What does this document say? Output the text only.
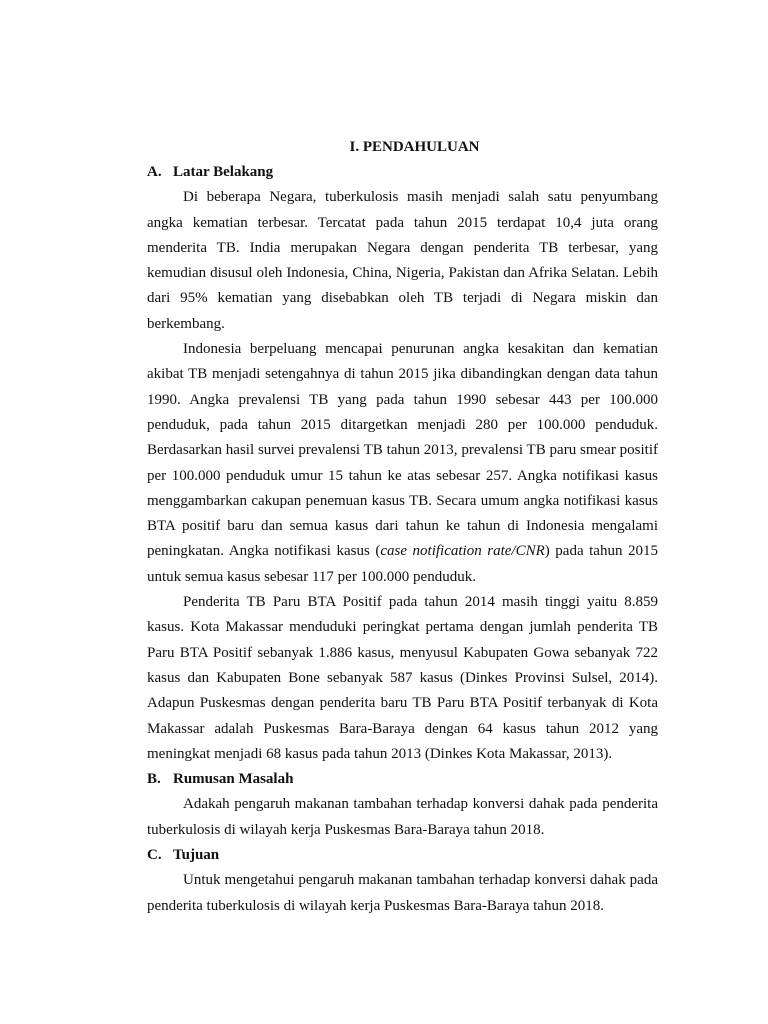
I. PENDAHULUAN
A. Latar Belakang

Di beberapa Negara, tuberkulosis masih menjadi salah satu penyumbang angka kematian terbesar. Tercatat pada tahun 2015 terdapat 10,4 juta orang menderita TB. India merupakan Negara dengan penderita TB terbesar, yang kemudian disusul oleh Indonesia, China, Nigeria, Pakistan dan Afrika Selatan. Lebih dari 95% kematian yang disebabkan oleh TB terjadi di Negara miskin dan berkembang.

Indonesia berpeluang mencapai penurunan angka kesakitan dan kematian akibat TB menjadi setengahnya di tahun 2015 jika dibandingkan dengan data tahun 1990. Angka prevalensi TB yang pada tahun 1990 sebesar 443 per 100.000 penduduk, pada tahun 2015 ditargetkan menjadi 280 per 100.000 penduduk. Berdasarkan hasil survei prevalensi TB tahun 2013, prevalensi TB paru smear positif per 100.000 penduduk umur 15 tahun ke atas sebesar 257. Angka notifikasi kasus menggambarkan cakupan penemuan kasus TB. Secara umum angka notifikasi kasus BTA positif baru dan semua kasus dari tahun ke tahun di Indonesia mengalami peningkatan. Angka notifikasi kasus (case notification rate/CNR) pada tahun 2015 untuk semua kasus sebesar 117 per 100.000 penduduk.

Penderita TB Paru BTA Positif pada tahun 2014 masih tinggi yaitu 8.859 kasus. Kota Makassar menduduki peringkat pertama dengan jumlah penderita TB Paru BTA Positif sebanyak 1.886 kasus, menyusul Kabupaten Gowa sebanyak 722 kasus dan Kabupaten Bone sebanyak 587 kasus (Dinkes Provinsi Sulsel, 2014). Adapun Puskesmas dengan penderita baru TB Paru BTA Positif terbanyak di Kota Makassar adalah Puskesmas Bara-Baraya dengan 64 kasus tahun 2012 yang meningkat menjadi 68 kasus pada tahun 2013 (Dinkes Kota Makassar, 2013).

B. Rumusan Masalah

Adakah pengaruh makanan tambahan terhadap konversi dahak pada penderita tuberkulosis di wilayah kerja Puskesmas Bara-Baraya tahun 2018.

C. Tujuan

Untuk mengetahui pengaruh makanan tambahan terhadap konversi dahak pada penderita tuberkulosis di wilayah kerja Puskesmas Bara-Baraya tahun 2018.
